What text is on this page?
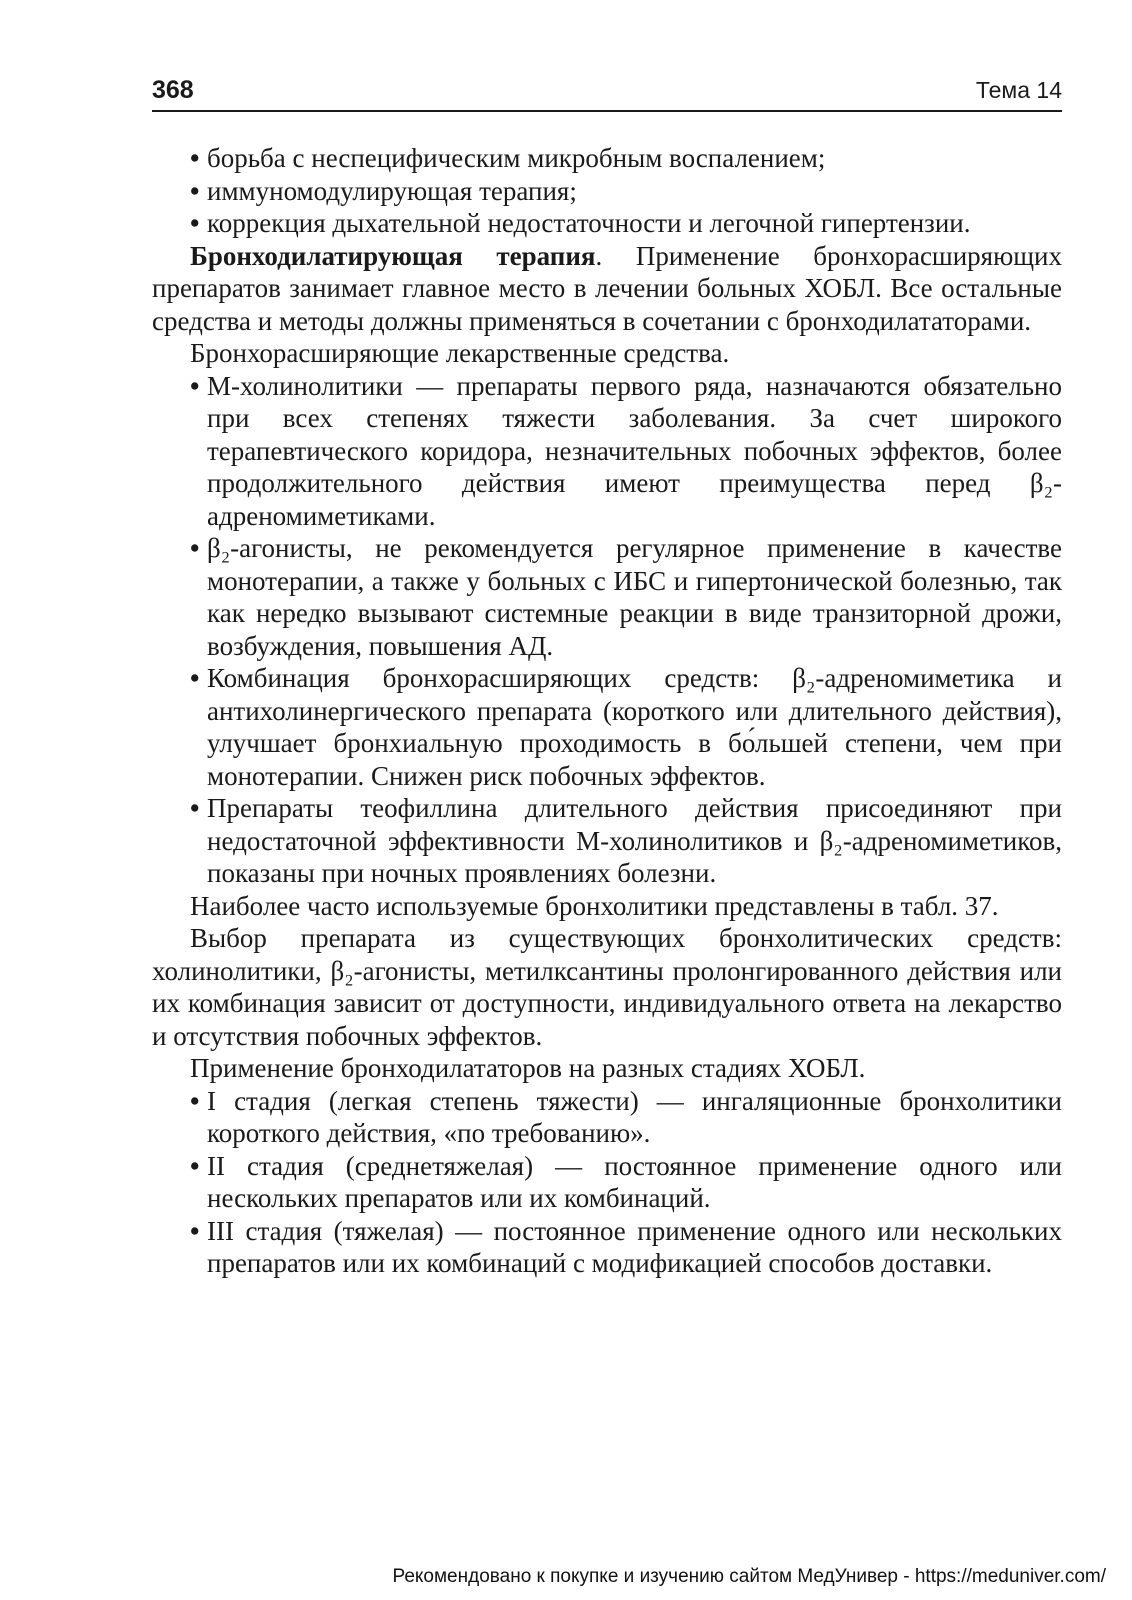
368	Тема 14
• борьба с неспецифическим микробным воспалением;
• иммуномодулирующая терапия;
• коррекция дыхательной недостаточности и легочной гипертензии.

Бронходилатирующая терапия. Применение бронхорасширяющих препаратов занимает главное место в лечении больных ХОБЛ. Все остальные средства и методы должны применяться в сочетании с бронходилататорами.

Бронхорасширяющие лекарственные средства.

• М-холинолитики — препараты первого ряда, назначаются обязательно при всех степенях тяжести заболевания. За счет широкого терапевтического коридора, незначительных побочных эффектов, более продолжительного действия имеют преимущества перед β₂-адреномиметиками.
• β₂-агонисты, не рекомендуется регулярное применение в качестве монотерапии, а также у больных с ИБС и гипертонической болезнью, так как нередко вызывают системные реакции в виде транзиторной дрожи, возбуждения, повышения АД.
• Комбинация бронхорасширяющих средств: β₂-адреномиметика и антихолинергического препарата (короткого или длительного действия), улучшает бронхиальную проходимость в бо́льшей степени, чем при монотерапии. Снижен риск побочных эффектов.
• Препараты теофиллина длительного действия присоединяют при недостаточной эффективности М-холинолитиков и β₂-адреномиметиков, показаны при ночных проявлениях болезни.

Наиболее часто используемые бронхолитики представлены в табл. 37.

Выбор препарата из существующих бронхолитических средств: холинолитики, β₂-агонисты, метилксантины пролонгированного действия или их комбинация зависит от доступности, индивидуального ответа на лекарство и отсутствия побочных эффектов.

Применение бронходилататоров на разных стадиях ХОБЛ.

• I стадия (легкая степень тяжести) — ингаляционные бронхолитики короткого действия, «по требованию».
• II стадия (среднетяжелая) — постоянное применение одного или нескольких препаратов или их комбинаций.
• III стадия (тяжелая) — постоянное применение одного или нескольких препаратов или их комбинаций с модификацией способов доставки.
Рекомендовано к покупке и изучению сайтом МедУнивер - https://meduniver.com/
